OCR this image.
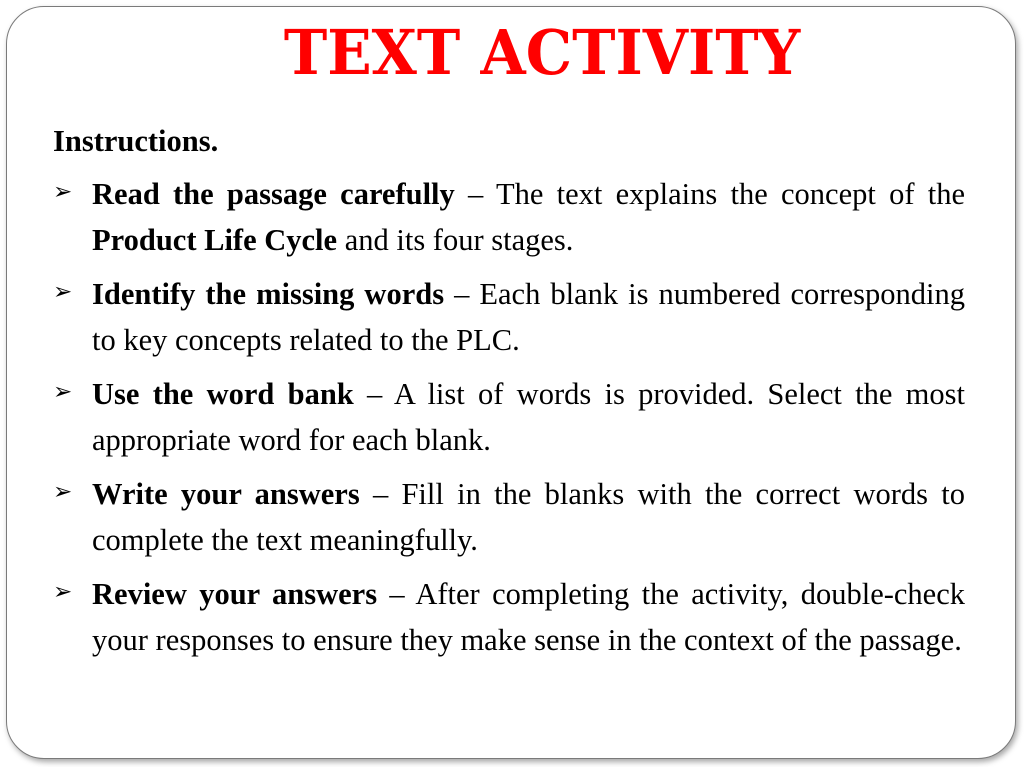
TEXT ACTIVITY
Instructions.
➢ Read the passage carefully – The text explains the concept of the Product Life Cycle and its four stages.
➢ Identify the missing words – Each blank is numbered corresponding to key concepts related to the PLC.
➢ Use the word bank – A list of words is provided. Select the most appropriate word for each blank.
➢ Write your answers – Fill in the blanks with the correct words to complete the text meaningfully.
➢ Review your answers – After completing the activity, double-check your responses to ensure they make sense in the context of the passage.
